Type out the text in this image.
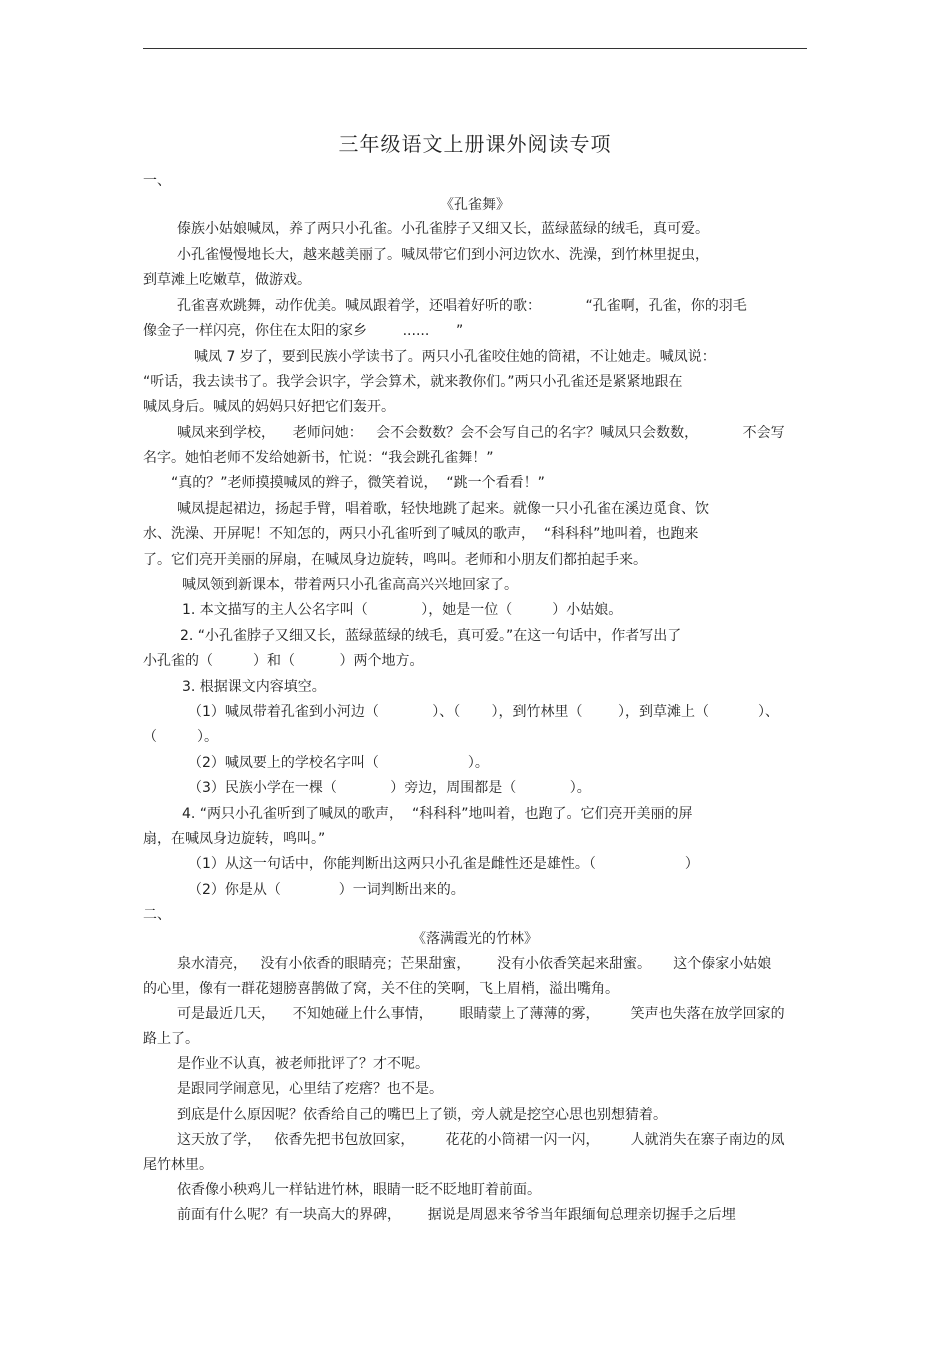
三年级语文上册课外阅读专项
一、
《孔雀舞》
傣族小姑娘喊凤，养了两只小孔雀。小孔雀脖子又细又长，蓝绿蓝绿的绒毛，真可爱。
小孔雀慢慢地长大，越来越美丽了。喊凤带它们到小河边饮水、洗澡，到竹林里捉虫，
到草滩上吃嫩草，做游戏。
孔雀喜欢跳舞，动作优美。喊凤跟着学，还唱着好听的歌：          “孔雀啊，孔雀，你的羽毛
像金子一样闪亮，你住在太阳的家乡        ......      ”
喊凤 7 岁了，要到民族小学读书了。两只小孔雀咬住她的筒裙，不让她走。喊凤说：
“听话，我去读书了。我学会识字，学会算术，就来教你们。”两只小孔雀还是紧紧地跟在
喊凤身后。喊凤的妈妈只好把它们轰开。
喊凤来到学校，    老师问她：   会不会数数？会不会写自己的名字？喊凤只会数数，          不会写
名字。她怕老师不发给她新书，忙说：“我会跳孔雀舞！”
“真的？”老师摸摸喊凤的辫子，微笑着说，  “跳一个看看！”
喊凤提起裙边，扬起手臂，唱着歌，轻快地跳了起来。就像一只小孔雀在溪边觅食、饮
水、洗澡、开屏呢！不知怎的，两只小孔雀听到了喊凤的歌声，  “科科科”地叫着，也跑来
了。它们亮开美丽的屏扇，在喊凤身边旋转，鸣叫。老师和小朋友们都拍起手来。
喊凤领到新课本，带着两只小孔雀高高兴兴地回家了。
1. 本文描写的主人公名字叫（            ），她是一位（         ）小姑娘。
2. “小孔雀脖子又细又长，蓝绿蓝绿的绒毛，真可爱。”在这一句话中，作者写出了
小孔雀的（         ）和（          ）两个地方。
3. 根据课文内容填空。
（1）喊凤带着孔雀到小河边（            ）、（       ），到竹林里（        ），到草滩上（           ）、
（         ）。
（2）喊凤要上的学校名字叫（                    ）。
（3）民族小学在一棵（            ）旁边，周围都是（            ）。
4. “两只小孔雀听到了喊凤的歌声，  “科科科”地叫着，也跑了。它们亮开美丽的屏
扇，在喊凤身边旋转，鸣叫。”
（1）从这一句话中，你能判断出这两只小孔雀是雌性还是雄性。（                    ）
（2）你是从（             ）一词判断出来的。
二、
《落满霞光的竹林》
泉水清亮，   没有小依香的眼睛亮；芒果甜蜜，      没有小依香笑起来甜蜜。     这个傣家小姑娘
的心里，像有一群花翅膀喜鹊做了窝，关不住的笑啊，飞上眉梢，溢出嘴角。
可是最近几天，    不知她碰上什么事情，      眼睛蒙上了薄薄的雾，       笑声也失落在放学回家的
路上了。
是作业不认真，被老师批评了？才不呢。
是跟同学闹意见，心里结了疙瘩？也不是。
到底是什么原因呢？依香给自己的嘴巴上了锁，旁人就是挖空心思也别想猜着。
这天放了学，   依香先把书包放回家，       花花的小筒裙一闪一闪，       人就消失在寨子南边的凤
尾竹林里。
依香像小秧鸡儿一样钻进竹林，眼睛一眨不眨地盯着前面。
前面有什么呢？有一块高大的界碑，      据说是周恩来爷爷当年跟缅甸总理亲切握手之后埋
